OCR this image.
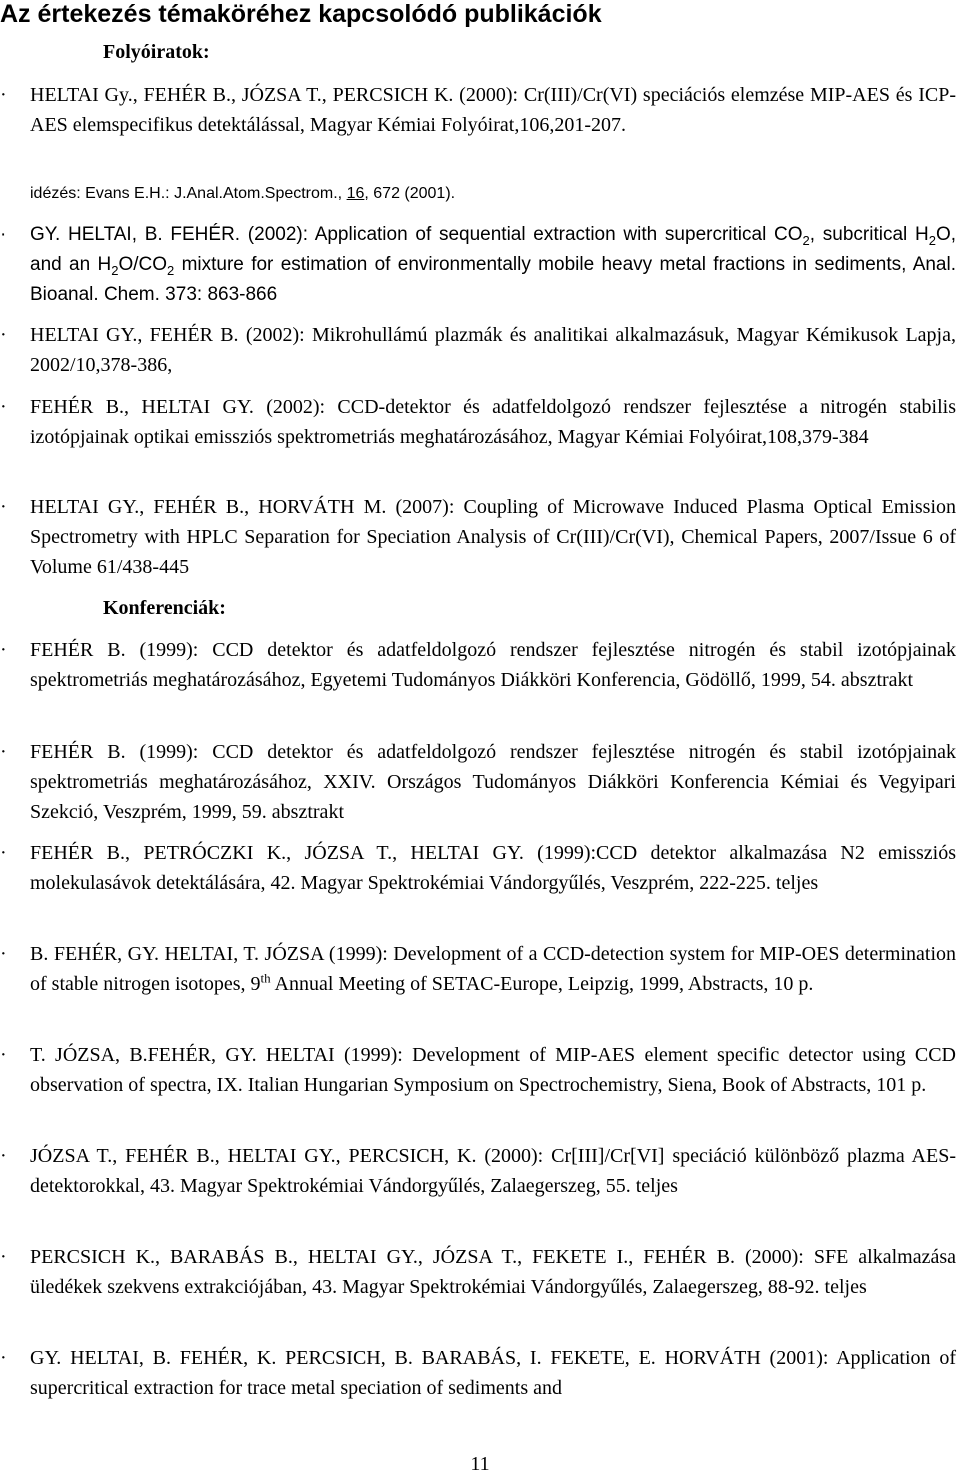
Az értekezés témaköréhez kapcsolódó publikációk
Folyóiratok:
· HELTAI Gy., FEHÉR B., JÓZSA T., PERCSICH K. (2000): Cr(III)/Cr(VI) speciációs elemzése MIP-AES és ICP-AES elemspecifikus detektálással, Magyar Kémiai Folyóirat,106,201-207.
idézés: Evans E.H.: J.Anal.Atom.Spectrom., 16, 672 (2001).
· GY. HELTAI, B. FEHÉR. (2002): Application of sequential extraction with supercritical $CO_2$, subcritical $H_2O$, and an $H_2O/CO_2$ mixture for estimation of environmentally mobile heavy metal fractions in sediments, Anal. Bioanal. Chem. 373: 863-866
· HELTAI GY., FEHÉR B. (2002): Mikrohullámú plazmák és analitikai alkalmazásuk, Magyar Kémikusok Lapja, 2002/10,378-386,
· FEHÉR B., HELTAI GY. (2002): CCD-detektor és adatfeldolgozó rendszer fejlesztése a nitrogén stabilis izotópjainak optikai emissziós spektrometriás meghatározásához, Magyar Kémiai Folyóirat,108,379-384
· HELTAI GY., FEHÉR B., HORVÁTH M. (2007): Coupling of Microwave Induced Plasma Optical Emission Spectrometry with HPLC Separation for Speciation Analysis of Cr(III)/Cr(VI), Chemical Papers, 2007/Issue 6 of Volume 61/438-445
Konferenciák:
· FEHÉR B. (1999): CCD detektor és adatfeldolgozó rendszer fejlesztése nitrogén és stabil izotópjainak spektrometriás meghatározásához, Egyetemi Tudományos Diákköri Konferencia, Gödöllő, 1999, 54. absztrakt
· FEHÉR B. (1999): CCD detektor és adatfeldolgozó rendszer fejlesztése nitrogén és stabil izotópjainak spektrometriás meghatározásához, XXIV. Országos Tudományos Diákköri Konferencia Kémiai és Vegyipari Szekció, Veszprém, 1999, 59. absztrakt
· FEHÉR B., PETRÓCZKI K., JÓZSA T., HELTAI GY. (1999):CCD detektor alkalmazása N2 emissziós molekulasávok detektálására, 42. Magyar Spektrokémiai Vándorgyűlés, Veszprém, 222-225. teljes
· B. FEHÉR, GY. HELTAI, T. JÓZSA (1999): Development of a CCD-detection system for MIP-OES determination of stable nitrogen isotopes, 9th Annual Meeting of SETAC-Europe, Leipzig, 1999, Abstracts, 10 p.
· T. JÓZSA, B.FEHÉR, GY. HELTAI (1999): Development of MIP-AES element specific detector using CCD observation of spectra, IX. Italian Hungarian Symposium on Spectrochemistry, Siena, Book of Abstracts, 101 p.
· JÓZSA T., FEHÉR B., HELTAI GY., PERCSICH, K. (2000): Cr[III]/Cr[VI] speciáció különböző plazma AES-detektorokkal, 43. Magyar Spektrokémiai Vándorgyűlés, Zalaegerszeg, 55. teljes
· PERCSICH K., BARABÁS B., HELTAI GY., JÓZSA T., FEKETE I., FEHÉR B. (2000): SFE alkalmazása üledékek szekvens extrakciójában, 43. Magyar Spektrokémiai Vándorgyűlés, Zalaegerszeg, 88-92. teljes
· GY. HELTAI, B. FEHÉR, K. PERCSICH, B. BARABÁS, I. FEKETE, E. HORVÁTH (2001): Application of supercritical extraction for trace metal speciation of sediments and
11
